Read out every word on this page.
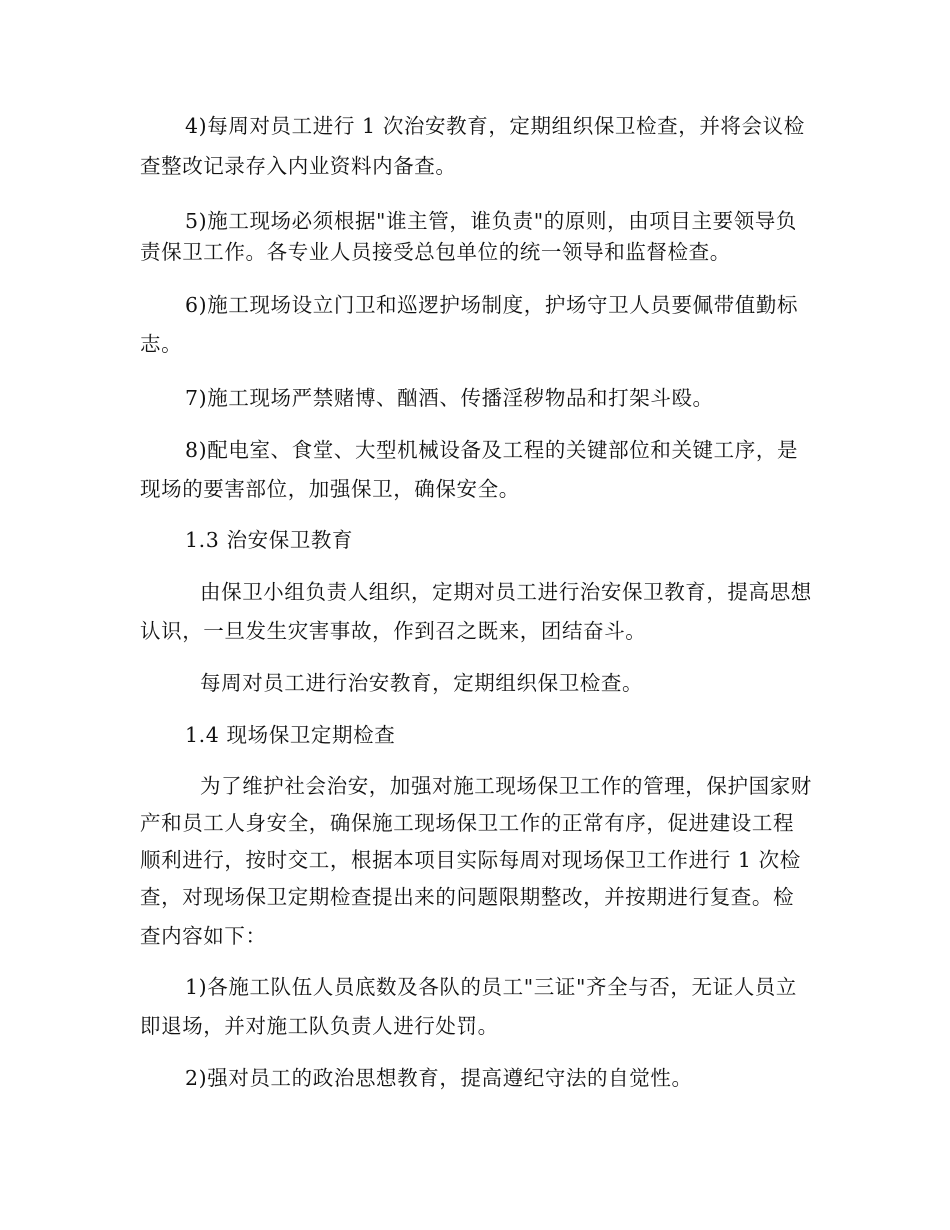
4)每周对员工进行 1 次治安教育，定期组织保卫检查，并将会议检
查整改记录存入内业资料内备查。
5)施工现场必须根据"谁主管，谁负责"的原则，由项目主要领导负
责保卫工作。各专业人员接受总包单位的统一领导和监督检查。
6)施工现场设立门卫和巡逻护场制度，护场守卫人员要佩带值勤标
志。
7)施工现场严禁赌博、酗酒、传播淫秽物品和打架斗殴。
8)配电室、食堂、大型机械设备及工程的关键部位和关键工序，是
现场的要害部位，加强保卫，确保安全。
1.3 治安保卫教育
由保卫小组负责人组织，定期对员工进行治安保卫教育，提高思想
认识，一旦发生灾害事故，作到召之既来，团结奋斗。
每周对员工进行治安教育，定期组织保卫检查。
1.4 现场保卫定期检查
为了维护社会治安，加强对施工现场保卫工作的管理，保护国家财
产和员工人身安全，确保施工现场保卫工作的正常有序，促进建设工程
顺利进行，按时交工，根据本项目实际每周对现场保卫工作进行 1 次检
查，对现场保卫定期检查提出来的问题限期整改，并按期进行复查。检
查内容如下：
1)各施工队伍人员底数及各队的员工"三证"齐全与否，无证人员立
即退场，并对施工队负责人进行处罚。
2)强对员工的政治思想教育，提高遵纪守法的自觉性。
